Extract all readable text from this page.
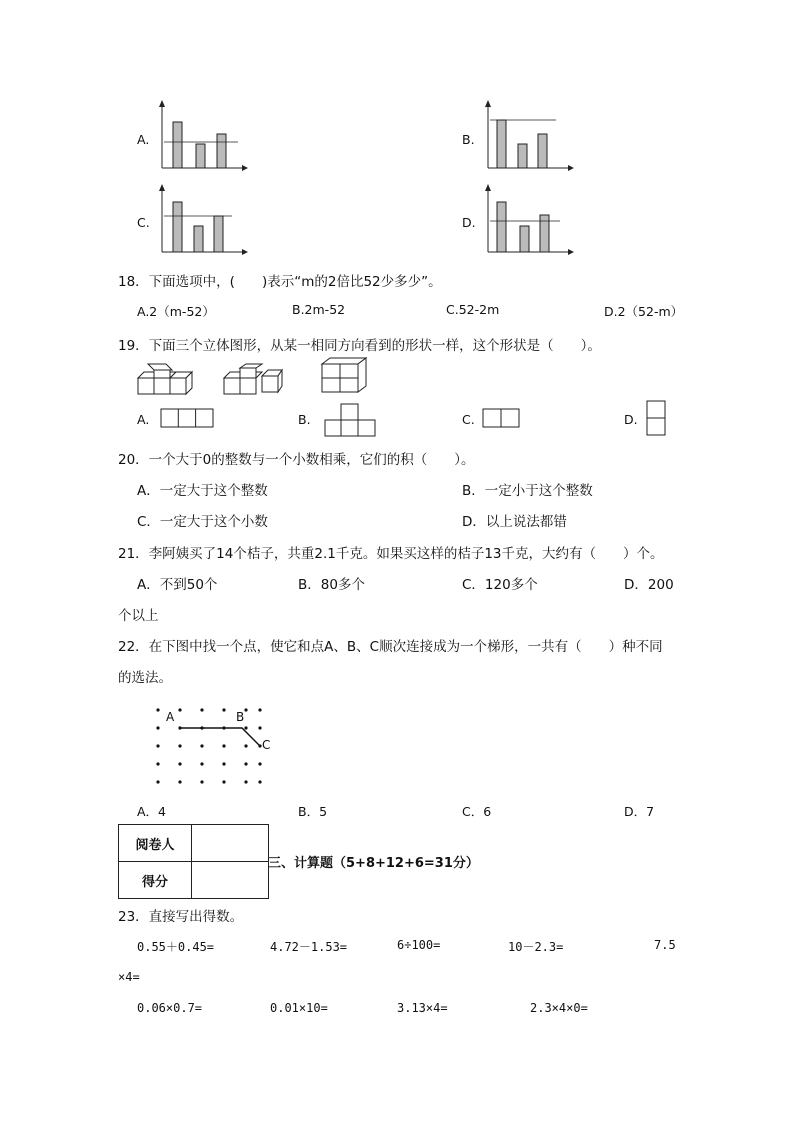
A.	B.
C.	D.
18．下面选项中，(　　)表示“m的2倍比52少多少”。
A.2（m-52）	B.2m-52	C.52-2m	D.2（52-m）
19．下面三个立体图形，从某一相同方向看到的形状一样，这个形状是（　　）。
A.	B.	C.	D.
20．一个大于0的整数与一个小数相乘，它们的积（　　）。
A．一定大于这个整数	B．一定小于这个整数
C．一定大于这个小数	D．以上说法都错
21．李阿姨买了14个桔子，共重2.1千克。如果买这样的桔子13千克，大约有（　　）个。
A．不到50个	B．80多个	C．120多个	D．200
个以上
22．在下图中找一个点，使它和点A、B、C顺次连接成为一个梯形，一共有（　　）种不同
的选法。
A	B
C
A．4	B．5	C．6	D．7
阅卷人	
得分	
三、计算题（5+8+12+6=31分）
23．直接写出得数。
0.55＋0.45=	4.72－1.53=	6÷100=	10－2.3=	7.5
×4=
0.06×0.7=	0.01×10=	3.13×4=	2.3×4×0=
